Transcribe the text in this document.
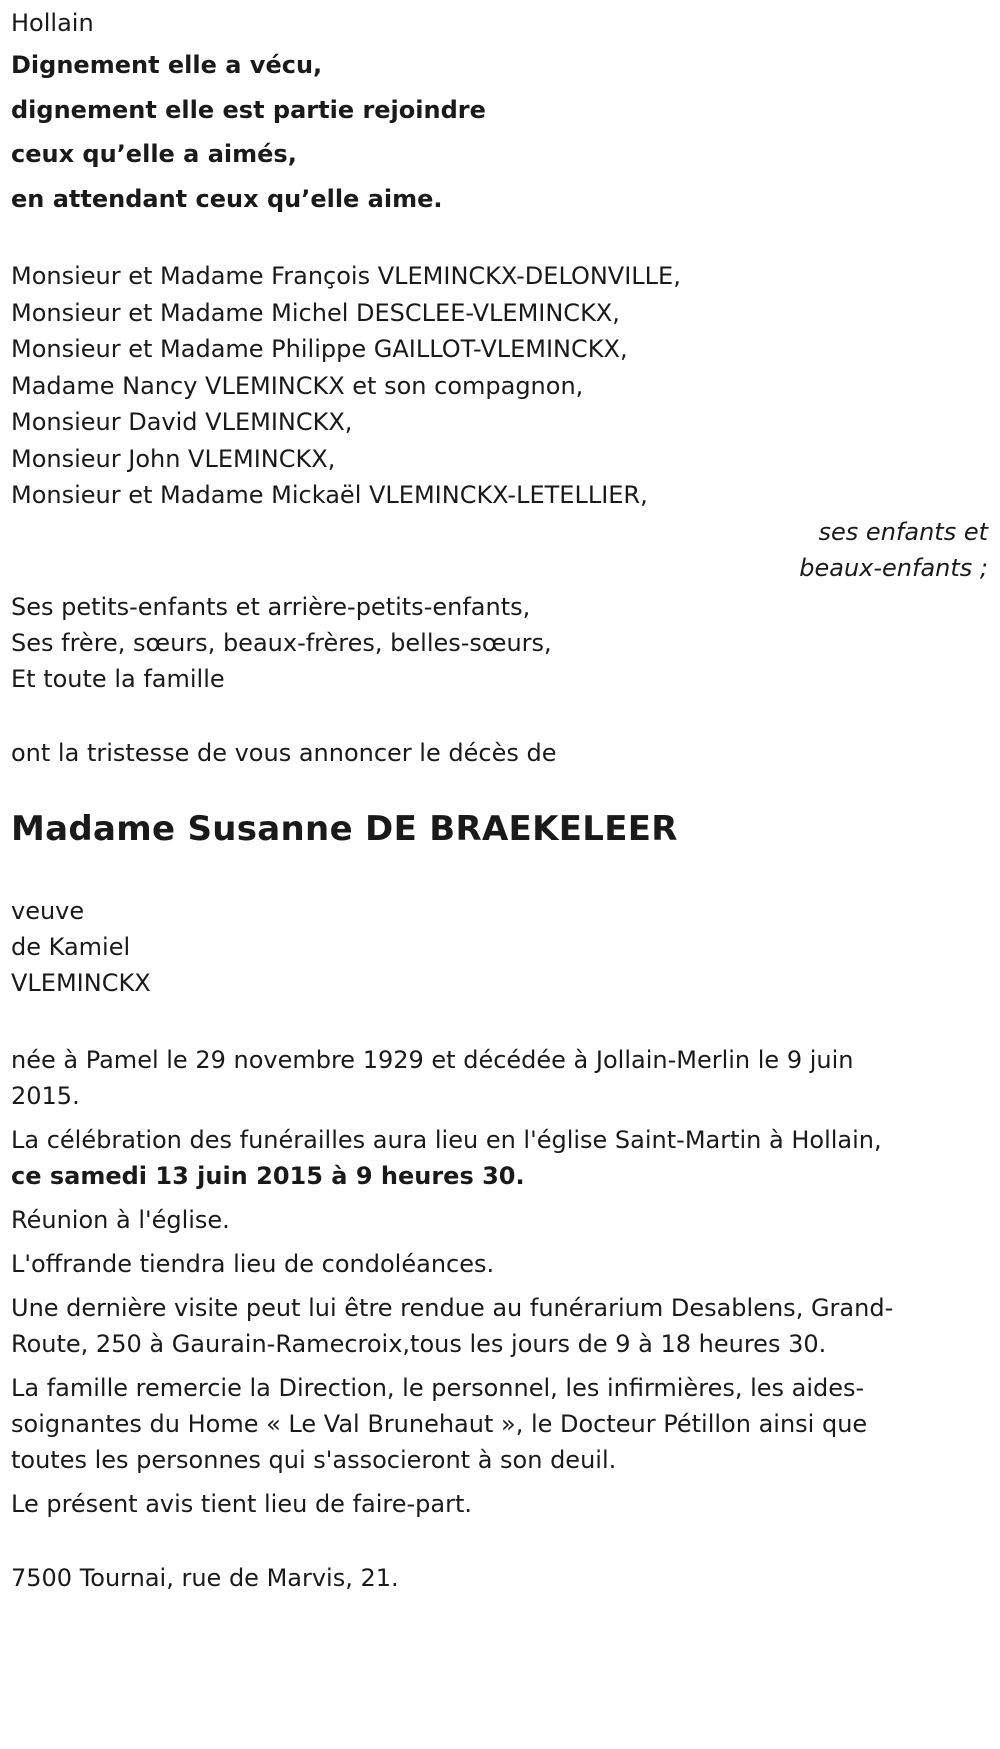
Hollain
Dignement elle a vécu,
dignement elle est partie rejoindre
ceux qu’elle a aimés,
en attendant ceux qu’elle aime.
Monsieur et Madame François VLEMINCKX-DELONVILLE,
Monsieur et Madame Michel DESCLEE-VLEMINCKX,
Monsieur et Madame Philippe GAILLOT-VLEMINCKX,
Madame Nancy VLEMINCKX et son compagnon,
Monsieur David VLEMINCKX,
Monsieur John VLEMINCKX,
Monsieur et Madame Mickaël VLEMINCKX-LETELLIER,
ses enfants et
beaux-enfants ;
Ses petits-enfants et arrière-petits-enfants,
Ses frère, sœurs, beaux-frères, belles-sœurs,
Et toute la famille
ont la tristesse de vous annoncer le décès de
Madame Susanne DE BRAEKELEER
veuve
de Kamiel
VLEMINCKX
née à Pamel le 29 novembre 1929 et décédée à Jollain-Merlin le 9 juin 2015.
La célébration des funérailles aura lieu en l'église Saint-Martin à Hollain,
ce samedi 13 juin 2015 à 9 heures 30.
Réunion à l'église.
L'offrande tiendra lieu de condoléances.
Une dernière visite peut lui être rendue au funérarium Desablens, Grand-Route, 250 à Gaurain-Ramecroix,tous les jours de 9 à 18 heures 30.
La famille remercie la Direction, le personnel, les infirmières, les aides-soignantes du Home « Le Val Brunehaut », le Docteur Pétillon ainsi que toutes les personnes qui s'associeront à son deuil.
Le présent avis tient lieu de faire-part.
7500 Tournai, rue de Marvis, 21.
